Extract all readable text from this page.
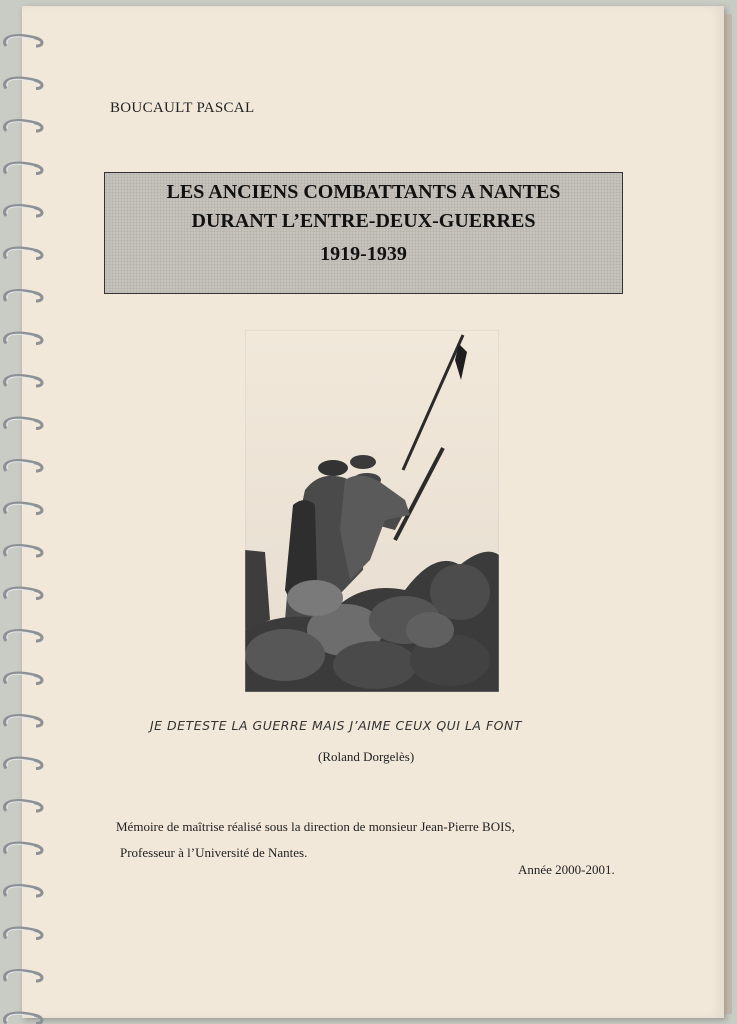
BOUCAULT PASCAL

LES ANCIENS COMBATTANTS A NANTES

DURANT L’ENTRE-DEUX-GUERRES

1919-1939

JE DETESTE LA GUERRE MAIS J’AIME CEUX QUI LA FONT
(Roland Dorgelès)
Mémoire de maîtrise réalisé sous la direction de monsieur Jean-Pierre BOIS,
Professeur à l’Université de Nantes.
Année 2000-2001.
